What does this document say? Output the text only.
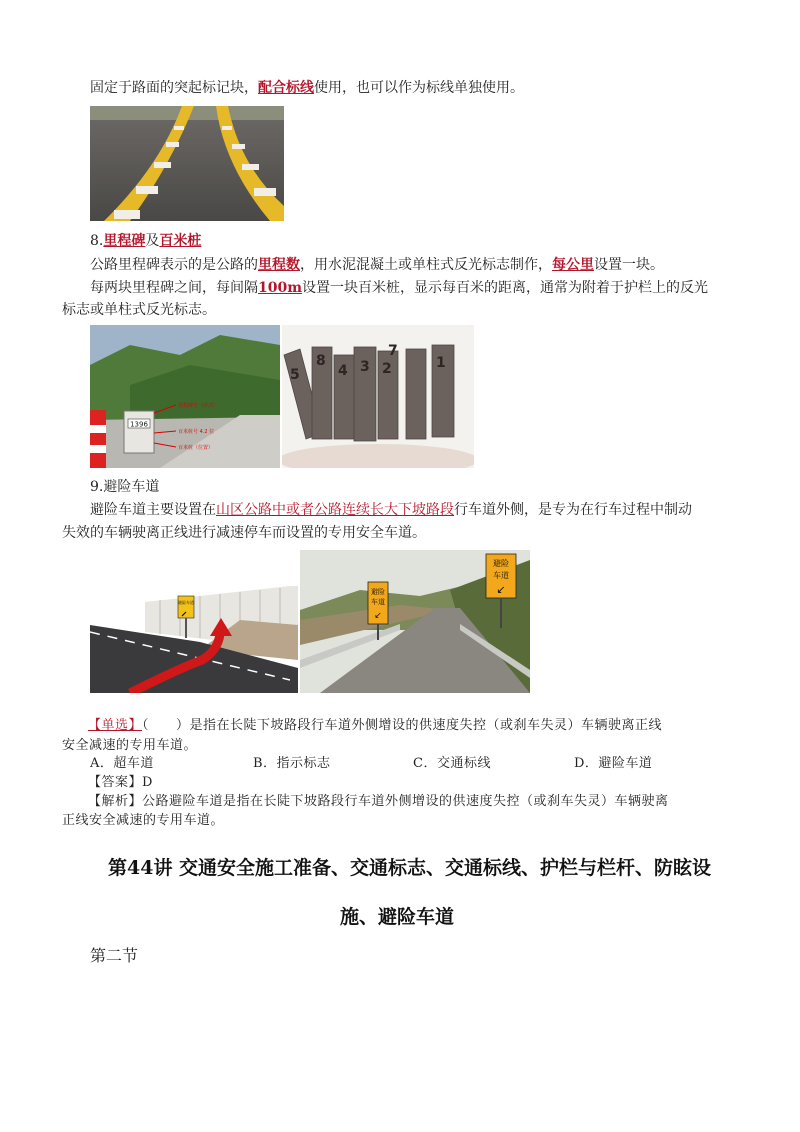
固定于路面的突起标记块，配合标线使用，也可以作为标线单独使用。
8.里程碑及百米桩
公路里程碑表示的是公路的里程数，用水泥混凝土或单柱式反光标志制作，每公里设置一块。
每两块里程碑之间，每间隔100m设置一块百米桩，显示每百米的距离，通常为附着于护栏上的反光
标志或单柱式反光标志。
1396
里程碑号（形式）
百米桩号 4.2 位
百米桩（位置）
5
8
4 3 2
7
1
9.避险车道
避险车道主要设置在山区公路中或者公路连续长大下坡路段行车道外侧，是专为在行车过程中制动
失效的车辆驶离正线进行减速停车而设置的专用安全车道。
避险车道
避险
车道
↙
避险
车道
↙
【单选】（　　）是指在长陡下坡路段行车道外侧增设的供速度失控（或刹车失灵）车辆驶离正线
安全减速的专用车道。
A．超车道	B．指示标志	C．交通标线	D．避险车道
【答案】D
【解析】公路避险车道是指在长陡下坡路段行车道外侧增设的供速度失控（或刹车失灵）车辆驶离
正线安全减速的专用车道。
第44讲 交通安全施工准备、交通标志、交通标线、护栏与栏杆、防眩设
施、避险车道
第二节
